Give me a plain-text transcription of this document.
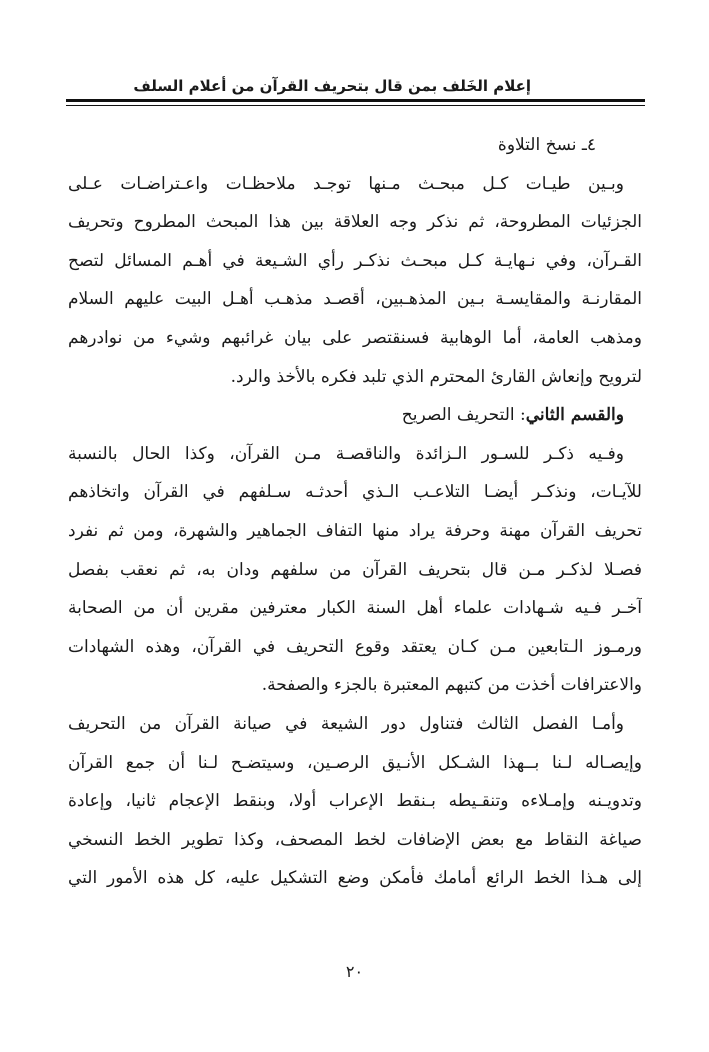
إعلام الخَلف بمن قال بتحريف القرآن من أعلام السلف
٤ـ نسخ التلاوة
وبـين طيـات كـل مبحـث مـنها توجـد ملاحظـات واعـتراضـات عـلى
الجزئيات المطروحة، ثم نذكر وجه العلاقة بين هذا المبحث المطروح وتحريف
القـرآن، وفي نـهايـة كـل مبحـث نذكـر رأي الشـيعة في أهـم المسائل لتصح
المقارنـة والمقايسـة بـين المذهـبين، أقصـد مذهـب أهـل البيت عليهم السلام
ومذهب العامة، أما الوهابية فسنقتصر على بيان غرائبهم وشيء من نوادرهم
لترويح وإنعاش القارئ المحترم الذي تلبد فكره بالأخذ والرد.
والقسم الثاني: التحريف الصريح
وفـيه ذكـر للسـور الـزائدة والناقصـة مـن القرآن، وكذا الحال بالنسبة
للآيـات، ونذكـر أيضـا التلاعـب الـذي أحدثـه سـلفهم في القرآن واتخاذهم
تحريف القرآن مهنة وحرفة يراد منها التفاف الجماهير والشهرة، ومن ثم نفرد
فصـلا لذكـر مـن قال بتحريف القرآن من سلفهم ودان به، ثم نعقب بفصل
آخـر فـيه شـهادات علماء أهل السنة الكبار معترفين مقرين أن من الصحابة
ورمـوز الـتابعين مـن كـان يعتقد وقوع التحريف في القرآن، وهذه الشهادات
والاعترافات أخذت من كتبهم المعتبرة بالجزء والصفحة.
وأمـا الفصل الثالث فتناول دور الشيعة في صيانة القرآن من التحريف
وإيصـاله لـنا بــهذا الشـكل الأنـيق الرصـين، وسيتضـح لـنا أن جمع القرآن
وتدويـنه وإمـلاءه وتنقـيطه بـنقط الإعراب أولا، وبنقط الإعجام ثانيا، وإعادة
صياغة النقاط مع بعض الإضافات لخط المصحف، وكذا تطوير الخط النسخي
إلى هـذا الخط الرائع أمامك فأمكن وضع التشكيل عليه، كل هذه الأمور التي
٢٠
